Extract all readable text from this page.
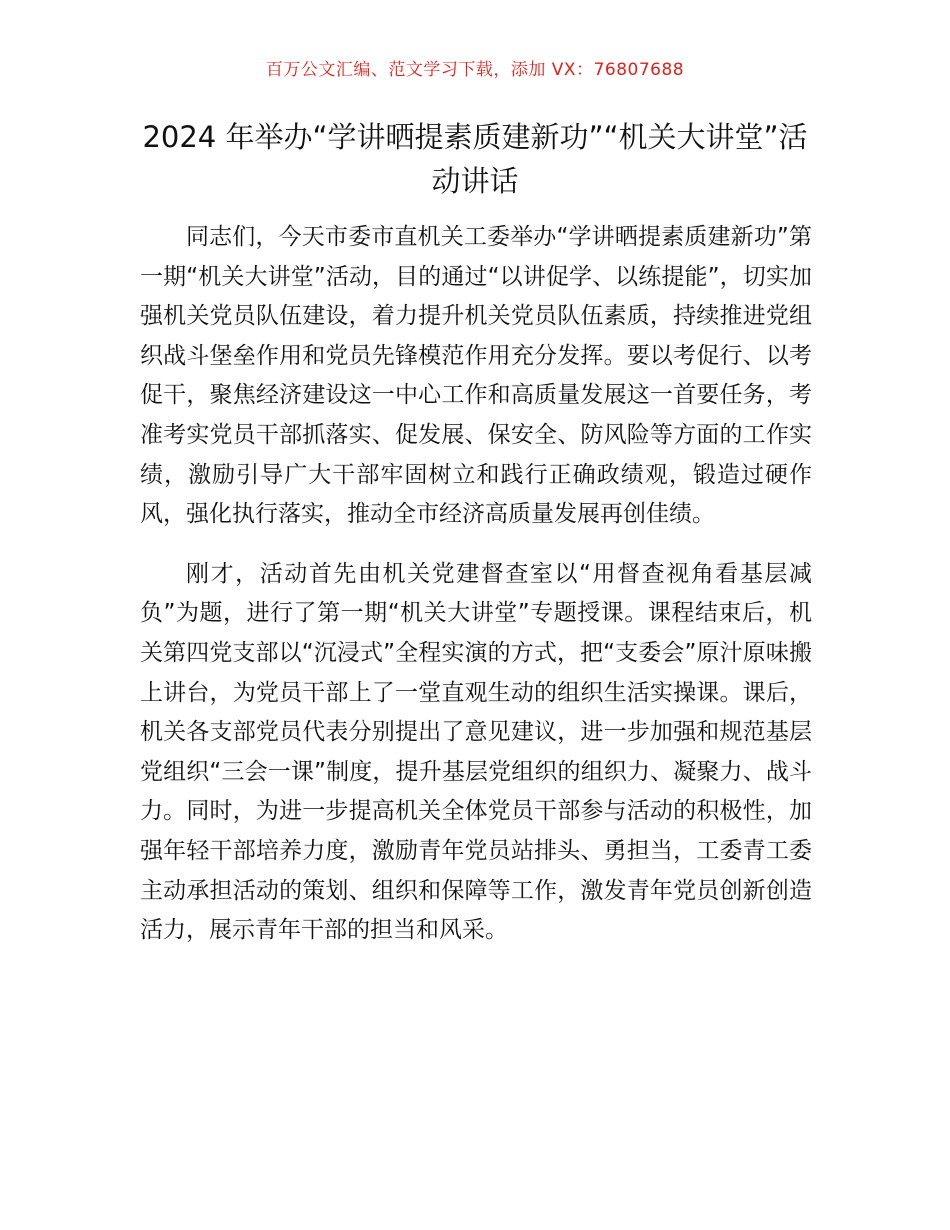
百万公文汇编、范文学习下载，添加 VX：76807688
2024 年举办“学讲晒提素质建新功”“机关大讲堂”活动讲话

同志们，今天市委市直机关工委举办“学讲晒提素质建新功”第一期“机关大讲堂”活动，目的通过“以讲促学、以练提能”，切实加强机关党员队伍建设，着力提升机关党员队伍素质，持续推进党组织战斗堡垒作用和党员先锋模范作用充分发挥。要以考促行、以考促干，聚焦经济建设这一中心工作和高质量发展这一首要任务，考准考实党员干部抓落实、促发展、保安全、防风险等方面的工作实绩，激励引导广大干部牢固树立和践行正确政绩观，锻造过硬作风，强化执行落实，推动全市经济高质量发展再创佳绩。

刚才，活动首先由机关党建督查室以“用督查视角看基层减负”为题，进行了第一期“机关大讲堂”专题授课。课程结束后，机关第四党支部以“沉浸式”全程实演的方式，把“支委会”原汁原味搬上讲台，为党员干部上了一堂直观生动的组织生活实操课。课后，机关各支部党员代表分别提出了意见建议，进一步加强和规范基层党组织“三会一课”制度，提升基层党组织的组织力、凝聚力、战斗力。同时，为进一步提高机关全体党员干部参与活动的积极性，加强年轻干部培养力度，激励青年党员站排头、勇担当，工委青工委主动承担活动的策划、组织和保障等工作，激发青年党员创新创造活力，展示青年干部的担当和风采。
